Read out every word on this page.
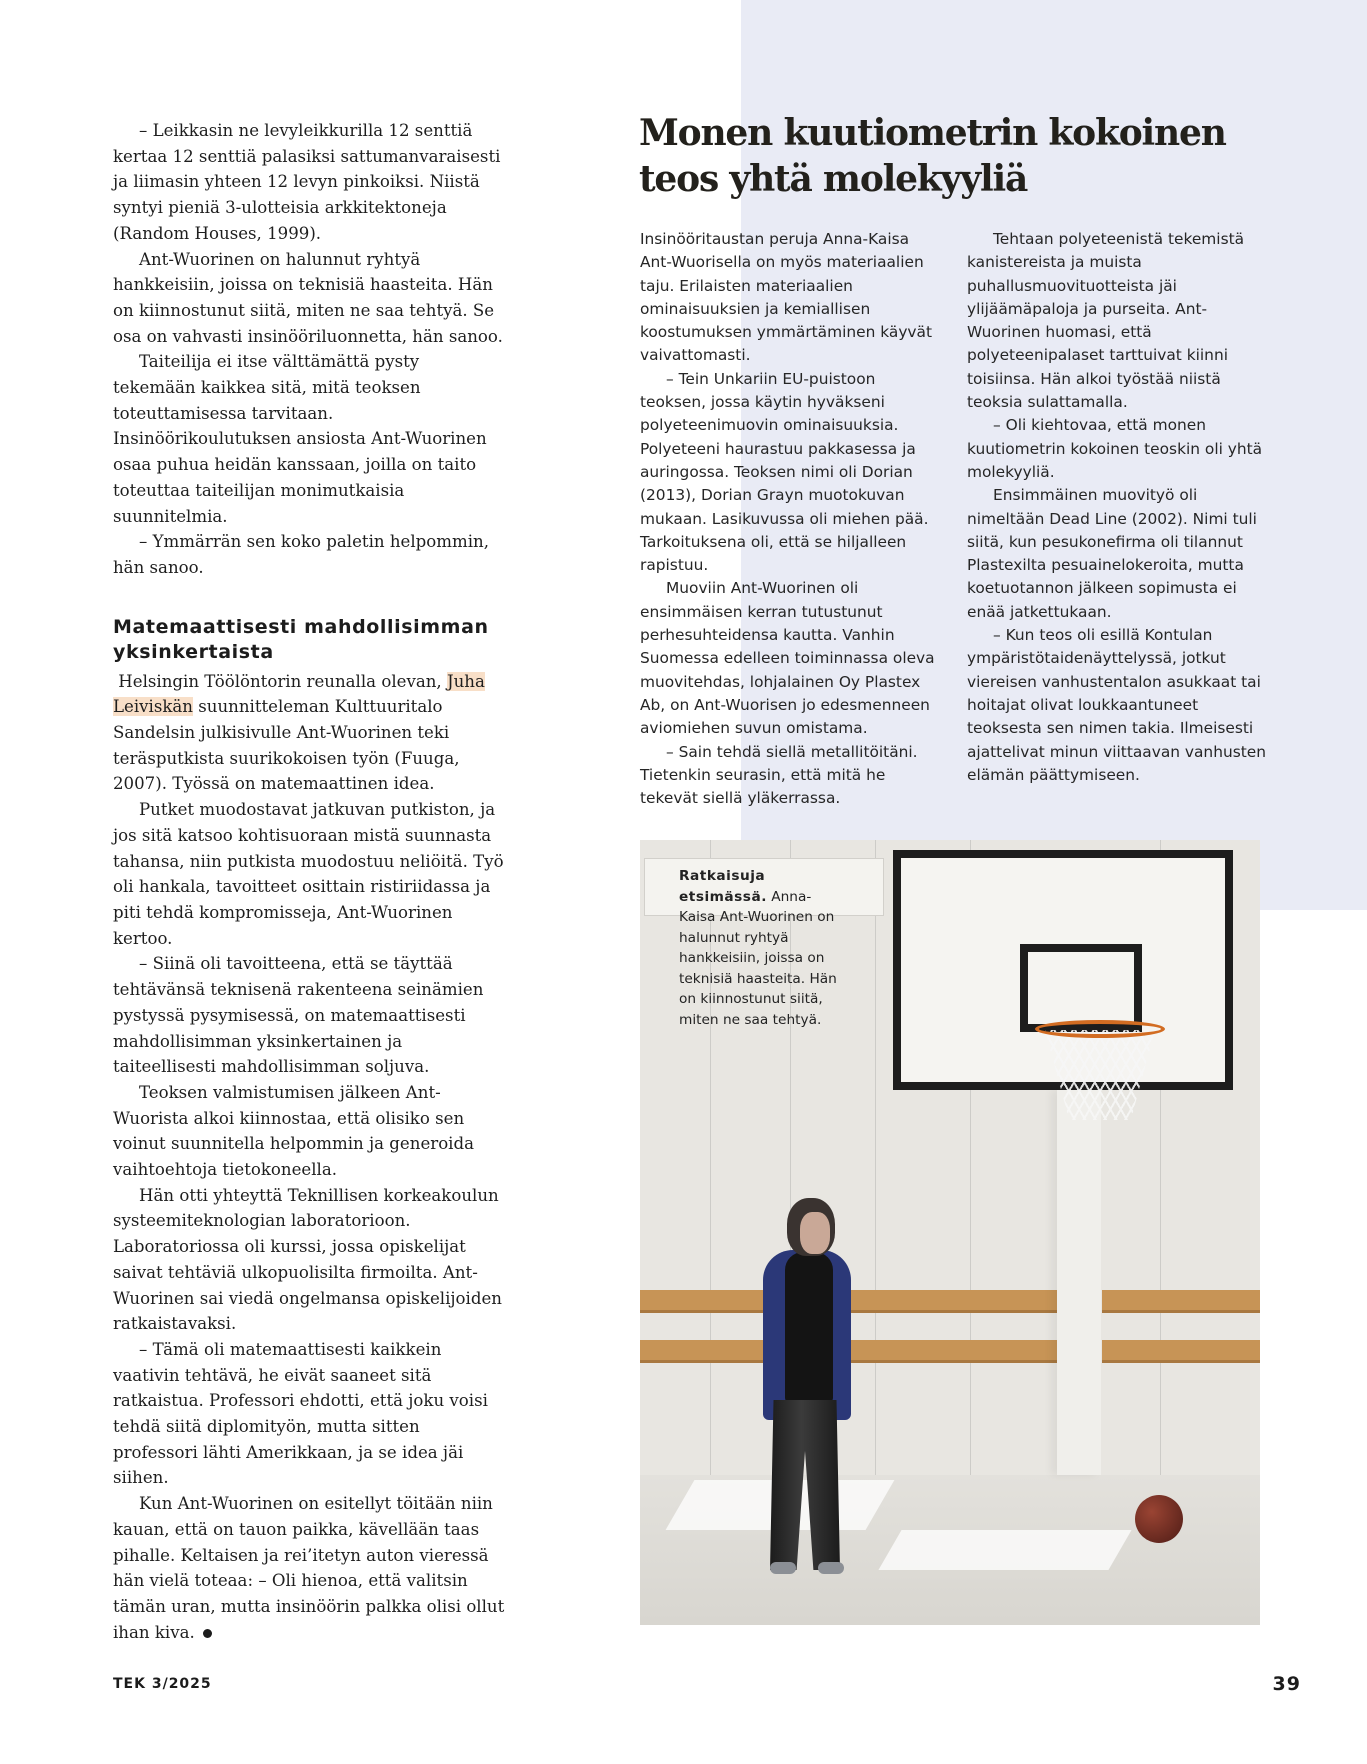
– Leikkasin ne levyleikkurilla 12 senttiä kertaa 12 senttiä palasiksi sattumanvaraisesti ja liimasin yhteen 12 levyn pinkoiksi. Niistä syntyi pieniä 3-ulotteisia arkkitektoneja (Random Houses, 1999).

Ant-Wuorinen on halunnut ryhtyä hankkeisiin, joissa on teknisiä haasteita. Hän on kiinnostunut siitä, miten ne saa tehtyä. Se osa on vahvasti insinööriluonnetta, hän sanoo.

Taiteilija ei itse välttämättä pysty tekemään kaikkea sitä, mitä teoksen toteuttamisessa tarvitaan. Insinöörikoulutuksen ansiosta Ant-Wuorinen osaa puhua heidän kanssaan, joilla on taito toteuttaa taiteilijan monimutkaisia suunnitelmia.

– Ymmärrän sen koko paletin helpommin, hän sanoo.

Matemaattisesti mahdollisimman yksinkertaista

Helsingin Töölöntorin reunalla olevan, Juha Leiviskän suunnitteleman Kulttuuritalo Sandelsin julkisivulle Ant-Wuorinen teki teräsputkista suurikokoisen työn (Fuuga, 2007). Työssä on matemaattinen idea.

Putket muodostavat jatkuvan putkiston, ja jos sitä katsoo kohtisuoraan mistä suunnasta tahansa, niin putkista muodostuu neliöitä. Työ oli hankala, tavoitteet osittain ristiriidassa ja piti tehdä kompromisseja, Ant-Wuorinen kertoo.

– Siinä oli tavoitteena, että se täyttää tehtävänsä teknisenä rakenteena seinämien pystyssä pysymisessä, on matemaattisesti mahdollisimman yksinkertainen ja taiteellisesti mahdollisimman soljuva.

Teoksen valmistumisen jälkeen Ant-Wuorista alkoi kiinnostaa, että olisiko sen voinut suunnitella helpommin ja generoida vaihtoehtoja tietokoneella.

Hän otti yhteyttä Teknillisen korkeakoulun systeemiteknologian laboratorioon. Laboratoriossa oli kurssi, jossa opiskelijat saivat tehtäviä ulkopuolisilta firmoilta. Ant-Wuorinen sai viedä ongelmansa opiskelijoiden ratkaistavaksi.

– Tämä oli matemaattisesti kaikkein vaativin tehtävä, he eivät saaneet sitä ratkaistua. Professori ehdotti, että joku voisi tehdä siitä diplomityön, mutta sitten professori lähti Amerikkaan, ja se idea jäi siihen.

Kun Ant-Wuorinen on esitellyt töitään niin kauan, että on tauon paikka, kävellään taas pihalle. Keltaisen ja rei’itetyn auton vieressä hän vielä toteaa: – Oli hienoa, että valitsin tämän uran, mutta insinöörin palkka olisi ollut ihan kiva.

Monen kuutiometrin kokoinen teos yhtä molekyyliä

Insinööritaustan peruja Anna-Kaisa Ant-Wuorisella on myös materiaalien taju. Erilaisten materiaalien ominaisuuksien ja kemiallisen koostumuksen ymmärtäminen käyvät vaivattomasti.

– Tein Unkariin EU-puistoon teoksen, jossa käytin hyväkseni polyeteenimuovin ominaisuuksia. Polyeteeni haurastuu pakkasessa ja auringossa. Teoksen nimi oli Dorian (2013), Dorian Grayn muotokuvan mukaan. Lasikuvussa oli miehen pää. Tarkoituksena oli, että se hiljalleen rapistuu.

Muoviin Ant-Wuorinen oli ensimmäisen kerran tutustunut perhesuhteidensa kautta. Vanhin Suomessa edelleen toiminnassa oleva muovitehdas, lohjalainen Oy Plastex Ab, on Ant-Wuorisen jo edesmenneen aviomiehen suvun omistama.

– Sain tehdä siellä metallitöitäni. Tietenkin seurasin, että mitä he tekevät siellä yläkerrassa.

Tehtaan polyeteenistä tekemistä kanistereista ja muista puhallusmuovituotteista jäi ylijäämäpaloja ja purseita. Ant-Wuorinen huomasi, että polyeteenipalaset tarttuivat kiinni toisiinsa. Hän alkoi työstää niistä teoksia sulattamalla.

– Oli kiehtovaa, että monen kuutiometrin kokoinen teoskin oli yhtä molekyyliä.

Ensimmäinen muovityö oli nimeltään Dead Line (2002). Nimi tuli siitä, kun pesukonefirma oli tilannut Plastexilta pesuainelokeroita, mutta koetuotannon jälkeen sopimusta ei enää jatkettukaan.

– Kun teos oli esillä Kontulan ympäristötaidenäyttelyssä, jotkut viereisen vanhustentalon asukkaat tai hoitajat olivat loukkaantuneet teoksesta sen nimen takia. Ilmeisesti ajattelivat minun viittaavan vanhusten elämän päättymiseen.

Ratkaisuja etsimässä. Anna-Kaisa Ant-Wuorinen on halunnut ryhtyä hankkeisiin, joissa on teknisiä haasteita. Hän on kiinnostunut siitä, miten ne saa tehtyä.
TEK 3/2025	39
